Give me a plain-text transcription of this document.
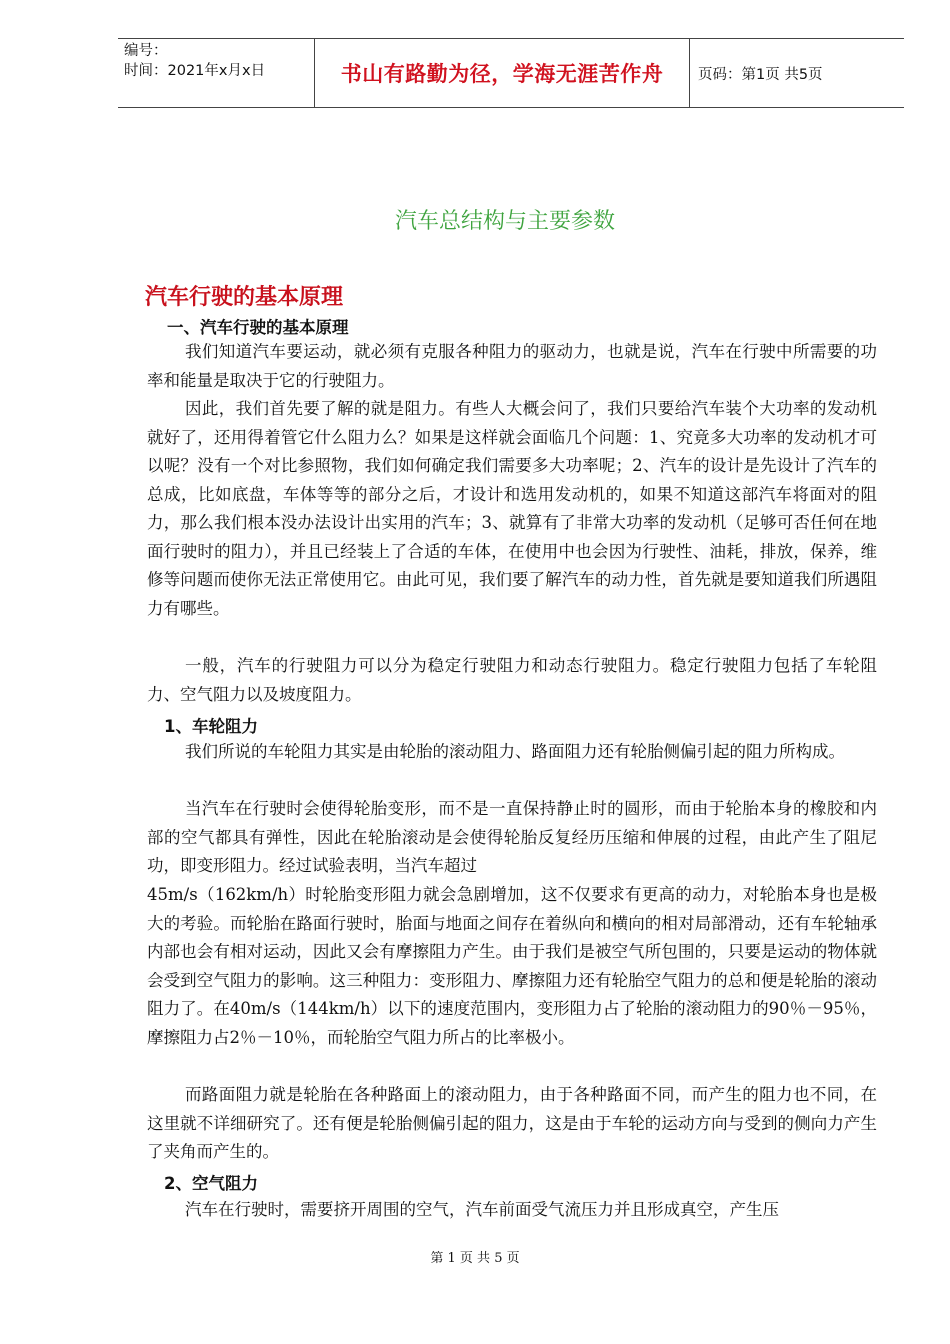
编号：
时间：2021年x月x日	书山有路勤为径，学海无涯苦作舟	页码：第1页 共5页
汽车总结构与主要参数
汽车行驶的基本原理
一、汽车行驶的基本原理

我们知道汽车要运动，就必须有克服各种阻力的驱动力，也就是说，汽车在行驶中所需要的功率和能量是取决于它的行驶阻力。

因此，我们首先要了解的就是阻力。有些人大概会问了，我们只要给汽车装个大功率的发动机就好了，还用得着管它什么阻力么？如果是这样就会面临几个问题：1、究竟多大功率的发动机才可以呢？没有一个对比参照物，我们如何确定我们需要多大功率呢；2、汽车的设计是先设计了汽车的总成，比如底盘，车体等等的部分之后，才设计和选用发动机的，如果不知道这部汽车将面对的阻力，那么我们根本没办法设计出实用的汽车；3、就算有了非常大功率的发动机（足够可否任何在地面行驶时的阻力），并且已经装上了合适的车体，在使用中也会因为行驶性、油耗，排放，保养，维修等问题而使你无法正常使用它。由此可见，我们要了解汽车的动力性，首先就是要知道我们所遇阻力有哪些。

一般，汽车的行驶阻力可以分为稳定行驶阻力和动态行驶阻力。稳定行驶阻力包括了车轮阻力、空气阻力以及坡度阻力。

1、车轮阻力

我们所说的车轮阻力其实是由轮胎的滚动阻力、路面阻力还有轮胎侧偏引起的阻力所构成。

当汽车在行驶时会使得轮胎变形，而不是一直保持静止时的圆形，而由于轮胎本身的橡胶和内部的空气都具有弹性，因此在轮胎滚动是会使得轮胎反复经历压缩和伸展的过程，由此产生了阻尼功，即变形阻力。经过试验表明，当汽车超过

45m/s（162km/h）时轮胎变形阻力就会急剧增加，这不仅要求有更高的动力，对轮胎本身也是极大的考验。而轮胎在路面行驶时，胎面与地面之间存在着纵向和横向的相对局部滑动，还有车轮轴承内部也会有相对运动，因此又会有摩擦阻力产生。由于我们是被空气所包围的，只要是运动的物体就会受到空气阻力的影响。这三种阻力：变形阻力、摩擦阻力还有轮胎空气阻力的总和便是轮胎的滚动阻力了。在40m/s（144km/h）以下的速度范围内，变形阻力占了轮胎的滚动阻力的90％－95％，摩擦阻力占2％－10％，而轮胎空气阻力所占的比率极小。

而路面阻力就是轮胎在各种路面上的滚动阻力，由于各种路面不同，而产生的阻力也不同，在这里就不详细研究了。还有便是轮胎侧偏引起的阻力，这是由于车轮的运动方向与受到的侧向力产生了夹角而产生的。

2、空气阻力

汽车在行驶时，需要挤开周围的空气，汽车前面受气流压力并且形成真空，产生压

第 1 页 共 5 页
